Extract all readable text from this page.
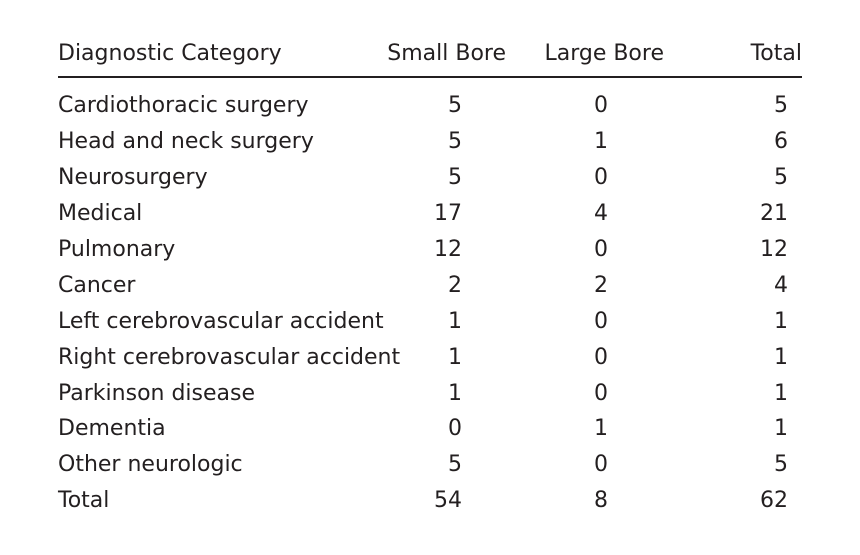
Diagnostic Category	Small Bore	Large Bore	Total
Cardiothoracic surgery	5	0	5
Head and neck surgery	5	1	6
Neurosurgery	5	0	5
Medical	17	4	21
Pulmonary	12	0	12
Cancer	2	2	4
Left cerebrovascular accident	1	0	1
Right cerebrovascular accident	1	0	1
Parkinson disease	1	0	1
Dementia	0	1	1
Other neurologic	5	0	5
Total	54	8	62
